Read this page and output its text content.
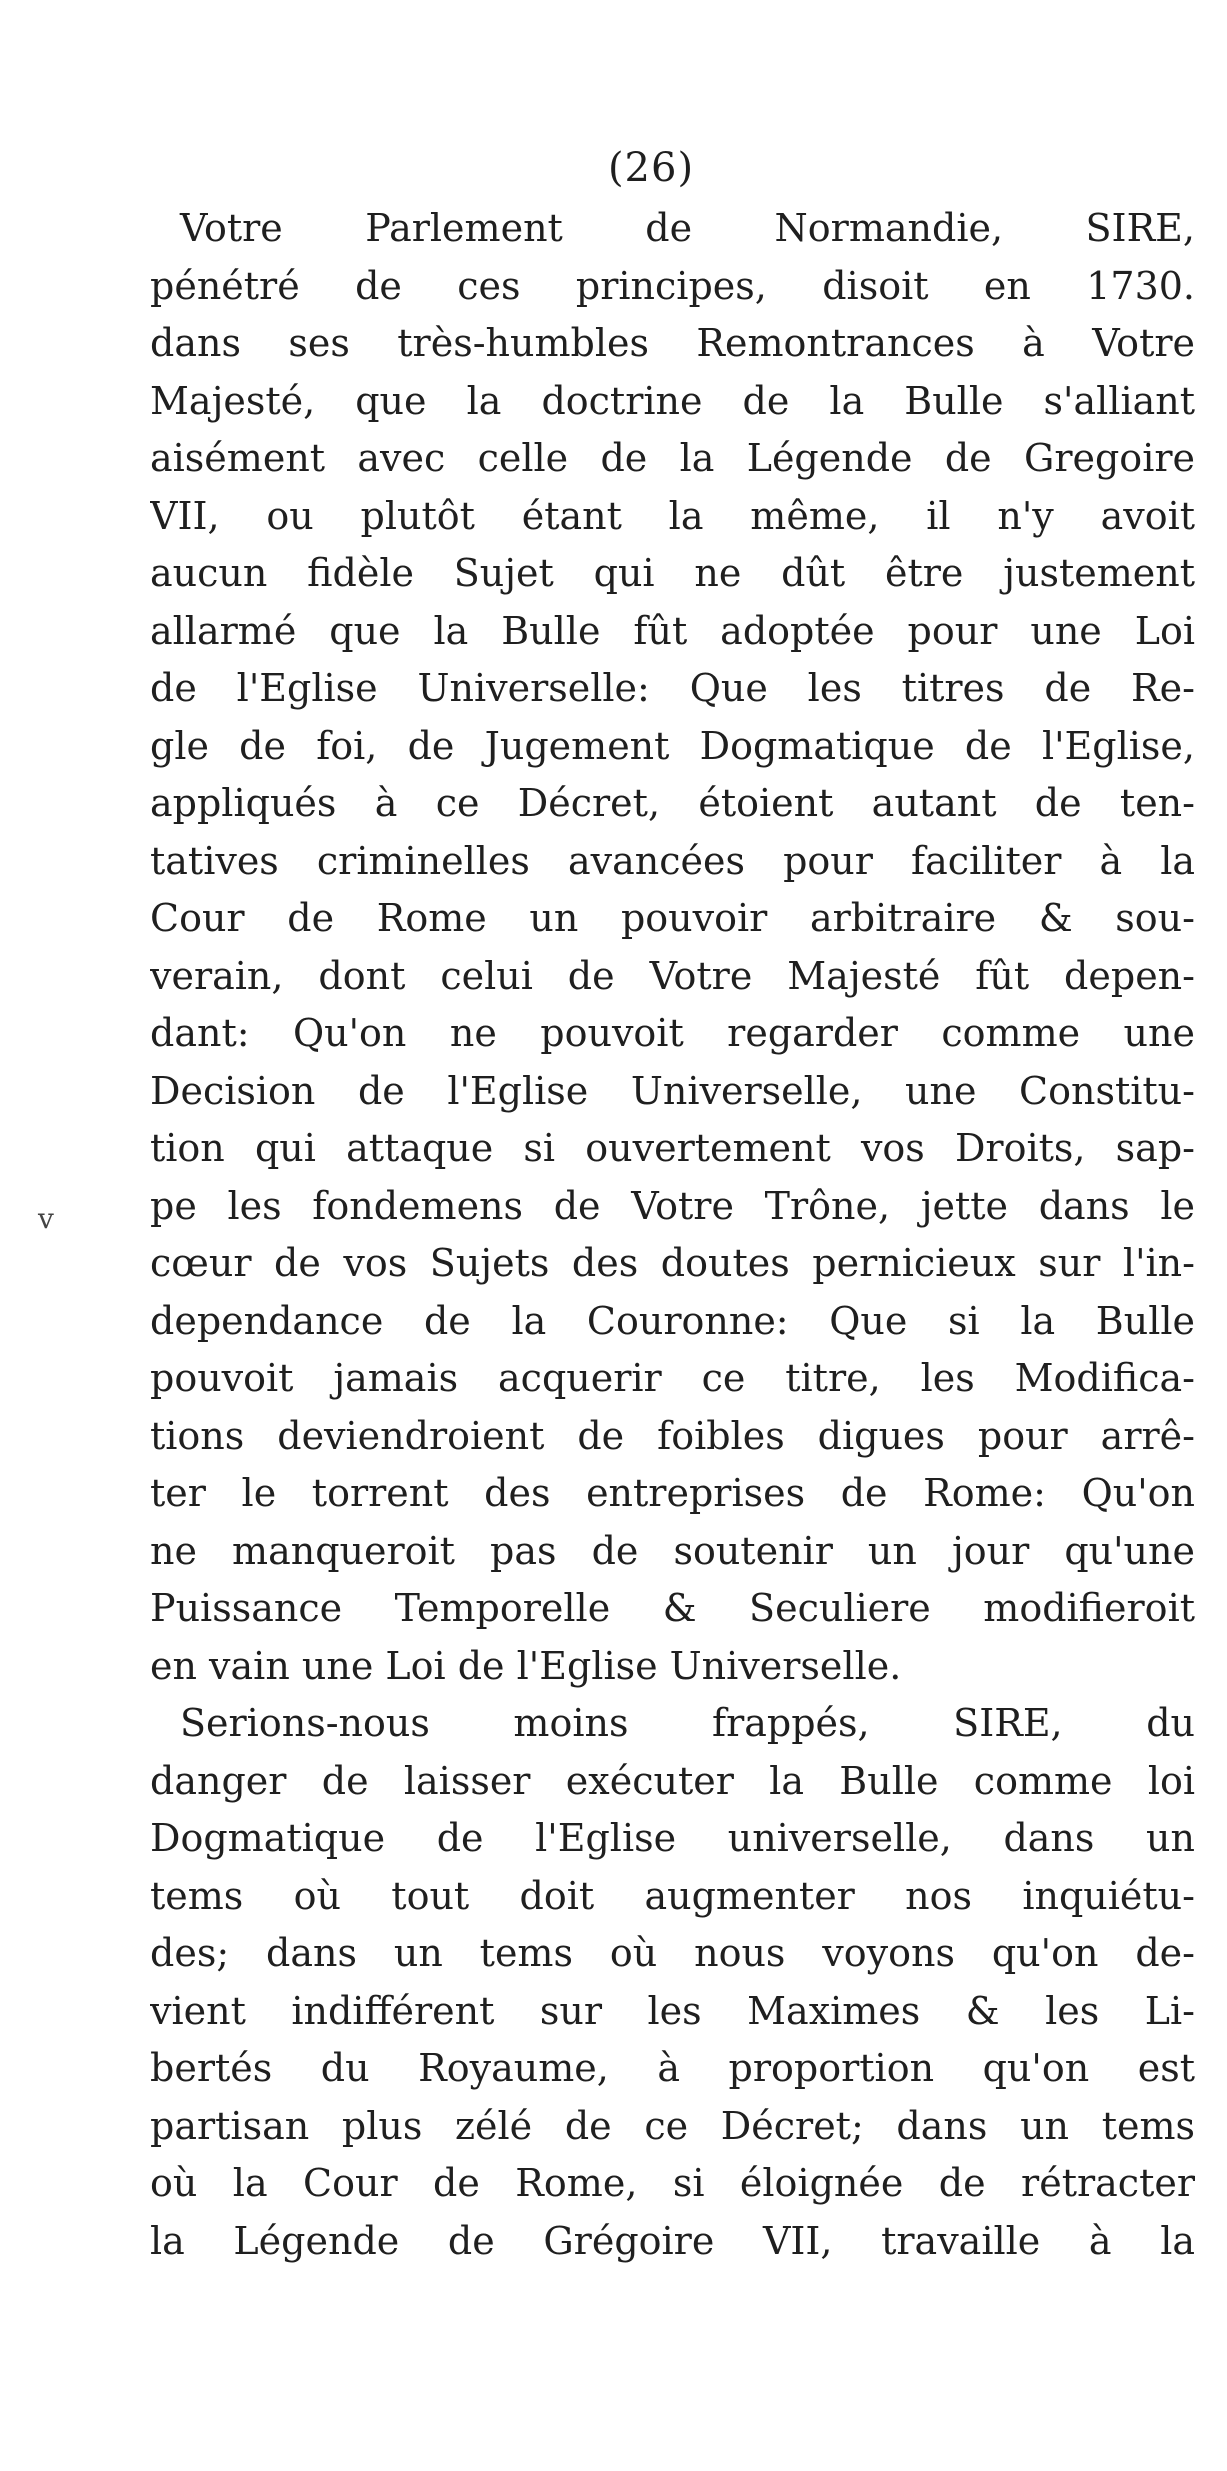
(26)
v
Votre Parlement de Normandie, SIRE,
pénétré de ces principes, disoit en 1730.
dans ses très-humbles Remontrances à Votre
Majesté, que la doctrine de la Bulle s'alliant
aisément avec celle de la Légende de Gregoire
VII, ou plutôt étant la même, il n'y avoit
aucun fidèle Sujet qui ne dût être justement
allarmé que la Bulle fût adoptée pour une Loi
de l'Eglise Universelle: Que les titres de Re-
gle de foi, de Jugement Dogmatique de l'Eglise,
appliqués à ce Décret, étoient autant de ten-
tatives criminelles avancées pour faciliter à la
Cour de Rome un pouvoir arbitraire & sou-
verain, dont celui de Votre Majesté fût depen-
dant: Qu'on ne pouvoit regarder comme une
Decision de l'Eglise Universelle, une Constitu-
tion qui attaque si ouvertement vos Droits, sap-
pe les fondemens de Votre Trône, jette dans le
cœur de vos Sujets des doutes pernicieux sur l'in-
dependance de la Couronne: Que si la Bulle
pouvoit jamais acquerir ce titre, les Modifica-
tions deviendroient de foibles digues pour arrê-
ter le torrent des entreprises de Rome: Qu'on
ne manqueroit pas de soutenir un jour qu'une
Puissance Temporelle & Seculiere modifieroit
en vain une Loi de l'Eglise Universelle.
Serions-nous moins frappés, SIRE, du
danger de laisser exécuter la Bulle comme loi
Dogmatique de l'Eglise universelle, dans un
tems où tout doit augmenter nos inquiétu-
des; dans un tems où nous voyons qu'on de-
vient indifférent sur les Maximes & les Li-
bertés du Royaume, à proportion qu'on est
partisan plus zélé de ce Décret; dans un tems
où la Cour de Rome, si éloignée de rétracter
la Légende de Grégoire VII, travaille à la
